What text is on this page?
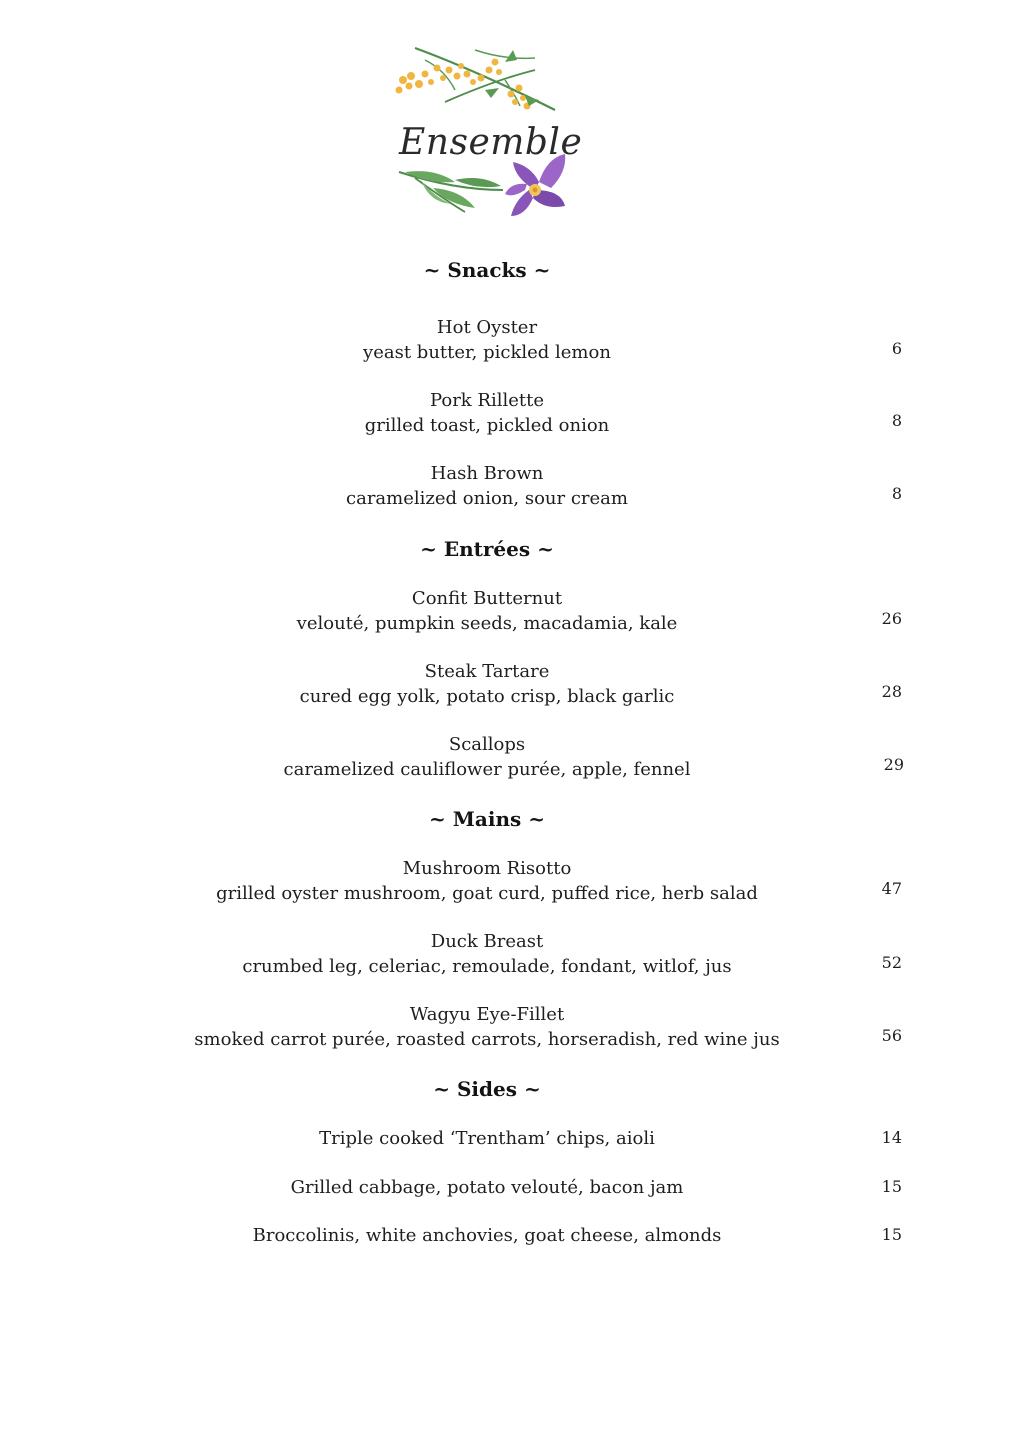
Ensemble
~ Snacks ~
Hot Oyster
yeast butter, pickled lemon	6
Pork Rillette
grilled toast, pickled onion	8
Hash Brown
caramelized onion, sour cream	8
~ Entrées ~
Confit Butternut
velouté, pumpkin seeds, macadamia, kale	26
Steak Tartare
cured egg yolk, potato crisp, black garlic	28
Scallops
caramelized cauliflower purée, apple, fennel	29
~ Mains ~
Mushroom Risotto
grilled oyster mushroom, goat curd, puffed rice, herb salad	47
Duck Breast
crumbed leg, celeriac, remoulade, fondant, witlof, jus	52
Wagyu Eye-Fillet
smoked carrot purée, roasted carrots, horseradish, red wine jus	56
~ Sides ~
Triple cooked ‘Trentham’ chips, aioli	14
Grilled cabbage, potato velouté, bacon jam	15
Broccolinis, white anchovies, goat cheese, almonds	15
